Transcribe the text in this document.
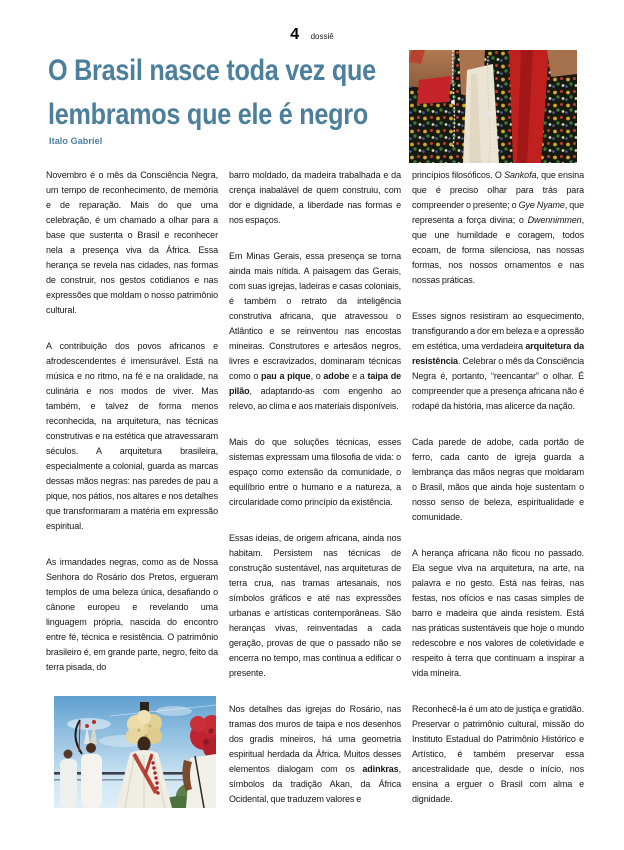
4 dossiê
O Brasil nasce toda vez que
lembramos que ele é negro
Italo Gabriel

Novembro é o mês da Consciência Negra, um tempo de reconhecimento, de memória e de reparação. Mais do que uma celebração, é um chamado a olhar para a base que sustenta o Brasil e reconhecer nela a presença viva da África. Essa herança se revela nas cidades, nas formas de construir, nos gestos cotidianos e nas expressões que moldam o nosso patrimônio cultural.

A contribuição dos povos africanos e afrodescendentes é imensurável. Está na música e no ritmo, na fé e na oralidade, na culinária e nos modos de viver. Mas também, e talvez de forma menos reconhecida, na arquitetura, nas técnicas construtivas e na estética que atravessaram séculos. A arquitetura brasileira, especialmente a colonial, guarda as marcas dessas mãos negras: nas paredes de pau a pique, nos pátios, nos altares e nos detalhes que transformaram a matéria em expressão espiritual.

As irmandades negras, como as de Nossa Senhora do Rosário dos Pretos, ergueram templos de uma beleza única, desafiando o cânone europeu e revelando uma linguagem própria, nascida do encontro entre fé, técnica e resistência. O patrimônio brasileiro é, em grande parte, negro, feito da terra pisada, do

barro moldado, da madeira trabalhada e da crença inabalável de quem construiu, com dor e dignidade, a liberdade nas formas e nos espaços.

Em Minas Gerais, essa presença se torna ainda mais nítida. A paisagem das Gerais, com suas igrejas, ladeiras e casas coloniais, é também o retrato da inteligência construtiva africana, que atravessou o Atlântico e se reinventou nas encostas mineiras. Construtores e artesãos negros, livres e escravizados, dominaram técnicas como o pau a pique, o adobe e a taipa de pilão, adaptando-as com engenho ao relevo, ao clima e aos materiais disponíveis.

Mais do que soluções técnicas, esses sistemas expressam uma filosofia de vida: o espaço como extensão da comunidade, o equilíbrio entre o humano e a natureza, a circularidade como princípio da existência.

Essas ideias, de origem africana, ainda nos habitam. Persistem nas técnicas de construção sustentável, nas arquiteturas de terra crua, nas tramas artesanais, nos símbolos gráficos e até nas expressões urbanas e artísticas contemporâneas. São heranças vivas, reinventadas a cada geração, provas de que o passado não se encerra no tempo, mas continua a edificar o presente.

Nos detalhes das igrejas do Rosário, nas tramas dos muros de taipa e nos desenhos dos gradis mineiros, há uma geometria espiritual herdada da África. Muitos desses elementos dialogam com os adinkras, símbolos da tradição Akan, da África Ocidental, que traduzem valores e

princípios filosóficos. O Sankofa, que ensina que é preciso olhar para trás para compreender o presente; o Gye Nyame, que representa a força divina; o Dwennimmen, que une humildade e coragem, todos ecoam, de forma silenciosa, nas nossas formas, nos nossos ornamentos e nas nossas práticas.

Esses signos resistiram ao esquecimento, transfigurando a dor em beleza e a opressão em estética, uma verdadeira arquitetura da resistência. Celebrar o mês da Consciência Negra é, portanto, “reencantar” o olhar. É compreender que a presença africana não é rodapé da história, mas alicerce da nação.

Cada parede de adobe, cada portão de ferro, cada canto de igreja guarda a lembrança das mãos negras que moldaram o Brasil, mãos que ainda hoje sustentam o nosso senso de beleza, espiritualidade e comunidade.

A herança africana não ficou no passado. Ela segue viva na arquitetura, na arte, na palavra e no gesto. Está nas feiras, nas festas, nos ofícios e nas casas simples de barro e madeira que ainda resistem. Está nas práticas sustentáveis que hoje o mundo redescobre e nos valores de coletividade e respeito à terra que continuam a inspirar a vida mineira.

Reconhecê-la é um ato de justiça e gratidão. Preservar o patrimônio cultural, missão do Instituto Estadual do Patrimônio Histórico e Artístico, é também preservar essa ancestralidade que, desde o início, nos ensina a erguer o Brasil com alma e dignidade.
